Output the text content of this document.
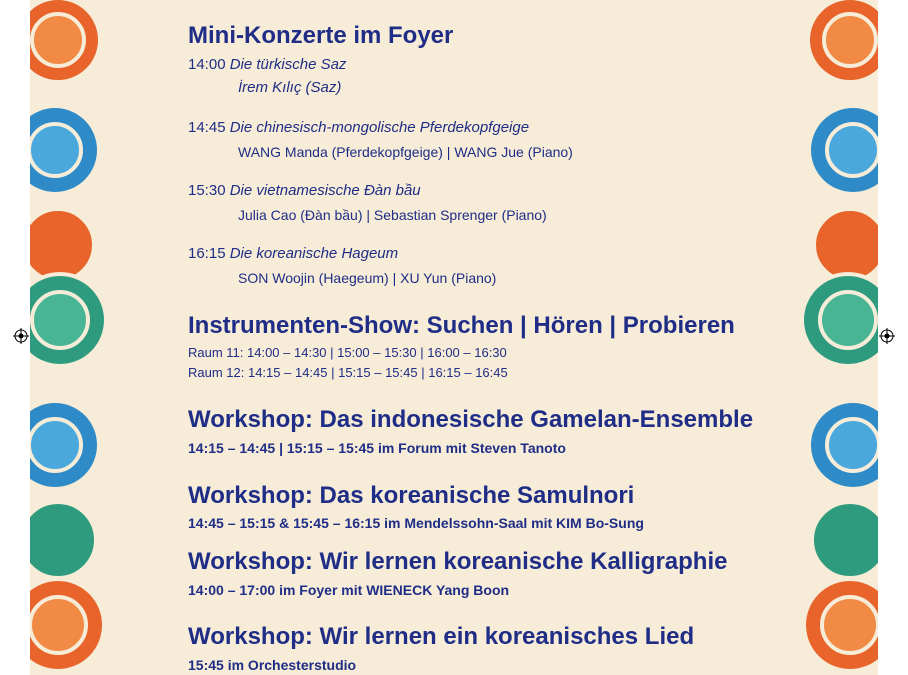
Mini-Konzerte im Foyer
14:00 Die türkische Saz
İrem Kılıç (Saz)
14:45 Die chinesisch-mongolische Pferdekopfgeige
WANG Manda (Pferdekopfgeige) | WANG Jue (Piano)
15:30 Die vietnamesische Đàn bầu
Julia Cao (Đàn bầu) | Sebastian Sprenger (Piano)
16:15 Die koreanische Hageum
SON Woojin (Haegeum) | XU Yun (Piano)
Instrumenten-Show: Suchen | Hören | Probieren
Raum 11: 14:00 – 14:30 | 15:00 – 15:30 | 16:00 – 16:30
Raum 12: 14:15 – 14:45 | 15:15 – 15:45 | 16:15 – 16:45
Workshop: Das indonesische Gamelan-Ensemble
14:15 – 14:45 | 15:15 – 15:45 im Forum mit Steven Tanoto
Workshop: Das koreanische Samulnori
14:45 – 15:15 & 15:45 – 16:15 im Mendelssohn-Saal mit KIM Bo-Sung
Workshop: Wir lernen koreanische Kalligraphie
14:00 – 17:00 im Foyer mit WIENECK Yang Boon
Workshop: Wir lernen ein koreanisches Lied
15:45 im Orchesterstudio
